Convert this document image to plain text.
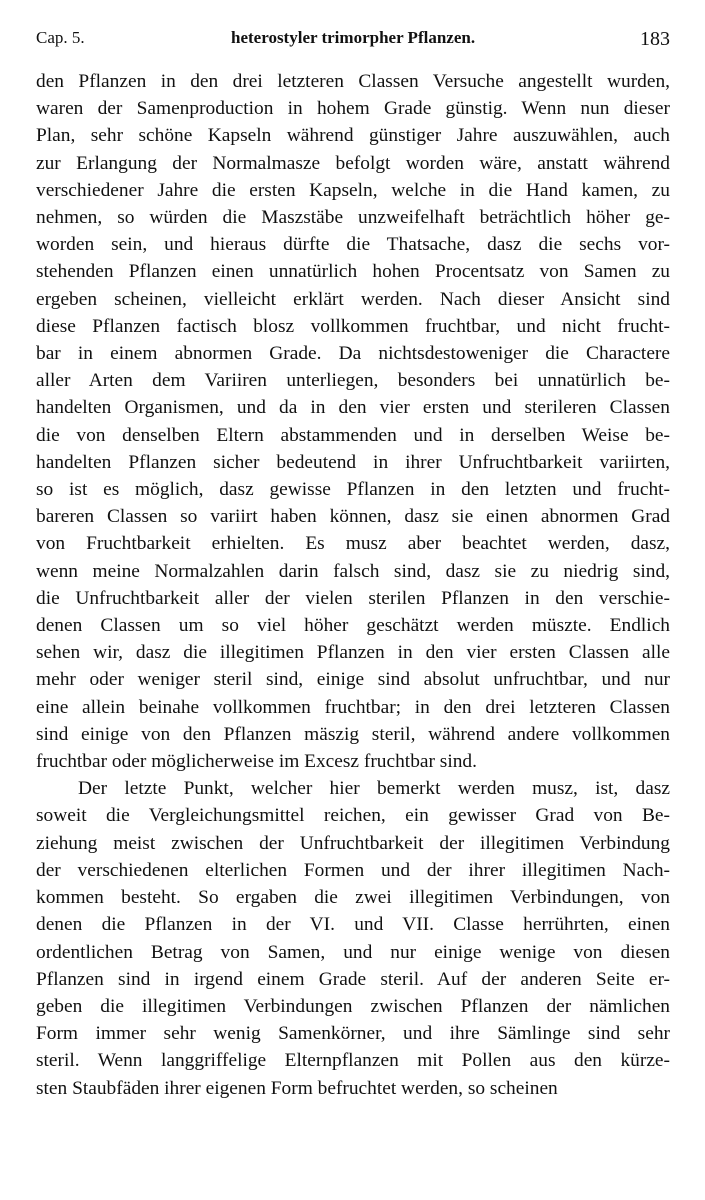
Cap. 5.	heterostyler trimorpher Pflanzen.	183
den Pflanzen in den drei letzteren Classen Versuche angestellt wurden,
waren der Samenproduction in hohem Grade günstig. Wenn nun dieser
Plan, sehr schöne Kapseln während günstiger Jahre auszuwählen, auch
zur Erlangung der Normalmasze befolgt worden wäre, anstatt während
verschiedener Jahre die ersten Kapseln, welche in die Hand kamen, zu
nehmen, so würden die Maszstäbe unzweifelhaft beträchtlich höher ge-
worden sein, und hieraus dürfte die Thatsache, dasz die sechs vor-
stehenden Pflanzen einen unnatürlich hohen Procentsatz von Samen zu
ergeben scheinen, vielleicht erklärt werden. Nach dieser Ansicht sind
diese Pflanzen factisch blosz vollkommen fruchtbar, und nicht frucht-
bar in einem abnormen Grade. Da nichtsdestoweniger die Charactere
aller Arten dem Variiren unterliegen, besonders bei unnatürlich be-
handelten Organismen, und da in den vier ersten und sterileren Classen
die von denselben Eltern abstammenden und in derselben Weise be-
handelten Pflanzen sicher bedeutend in ihrer Unfruchtbarkeit variirten,
so ist es möglich, dasz gewisse Pflanzen in den letzten und frucht-
bareren Classen so variirt haben können, dasz sie einen abnormen Grad
von Fruchtbarkeit erhielten. Es musz aber beachtet werden, dasz,
wenn meine Normalzahlen darin falsch sind, dasz sie zu niedrig sind,
die Unfruchtbarkeit aller der vielen sterilen Pflanzen in den verschie-
denen Classen um so viel höher geschätzt werden müszte. Endlich
sehen wir, dasz die illegitimen Pflanzen in den vier ersten Classen alle
mehr oder weniger steril sind, einige sind absolut unfruchtbar, und nur
eine allein beinahe vollkommen fruchtbar; in den drei letzteren Classen
sind einige von den Pflanzen mäszig steril, während andere vollkommen
fruchtbar oder möglicherweise im Excesz fruchtbar sind.
Der letzte Punkt, welcher hier bemerkt werden musz, ist, dasz
soweit die Vergleichungsmittel reichen, ein gewisser Grad von Be-
ziehung meist zwischen der Unfruchtbarkeit der illegitimen Verbindung
der verschiedenen elterlichen Formen und der ihrer illegitimen Nach-
kommen besteht. So ergaben die zwei illegitimen Verbindungen, von
denen die Pflanzen in der VI. und VII. Classe herrührten, einen
ordentlichen Betrag von Samen, und nur einige wenige von diesen
Pflanzen sind in irgend einem Grade steril. Auf der anderen Seite er-
geben die illegitimen Verbindungen zwischen Pflanzen der nämlichen
Form immer sehr wenig Samenkörner, und ihre Sämlinge sind sehr
steril. Wenn langgriffelige Elternpflanzen mit Pollen aus den kürze-
sten Staubfäden ihrer eigenen Form befruchtet werden, so scheinen
